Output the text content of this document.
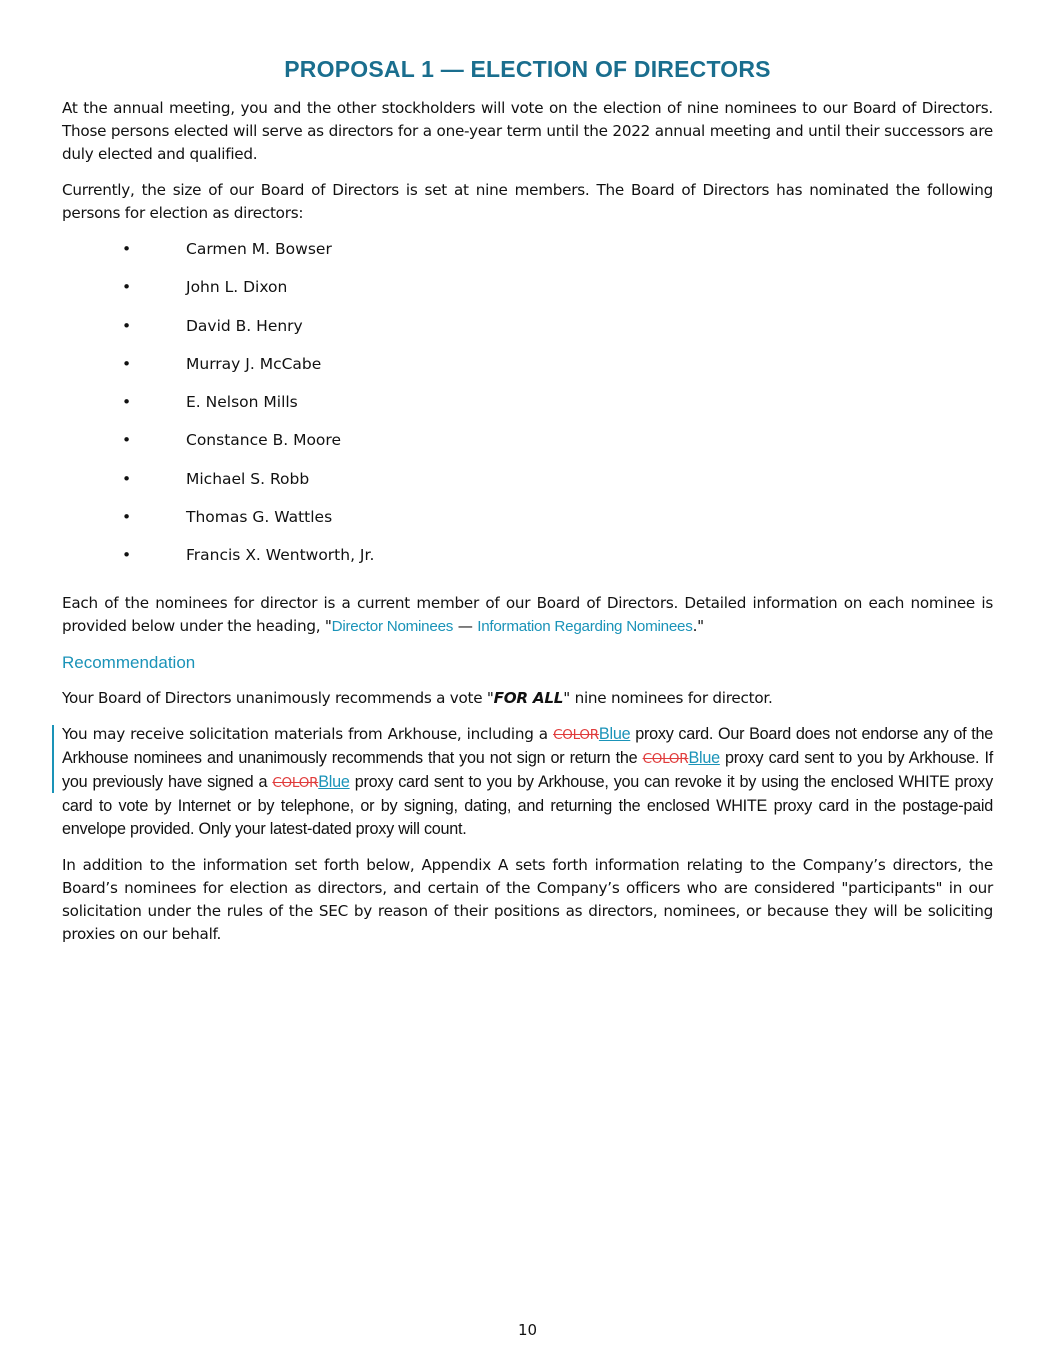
PROPOSAL 1 — ELECTION OF DIRECTORS

At the annual meeting, you and the other stockholders will vote on the election of nine nominees to our Board of Directors. Those persons elected will serve as directors for a one-year term until the 2022 annual meeting and until their successors are duly elected and qualified.

Currently, the size of our Board of Directors is set at nine members. The Board of Directors has nominated the following persons for election as directors:

•	Carmen M. Bowser
•	John L. Dixon
•	David B. Henry
•	Murray J. McCabe
•	E. Nelson Mills
•	Constance B. Moore
•	Michael S. Robb
•	Thomas G. Wattles
•	Francis X. Wentworth, Jr.

Each of the nominees for director is a current member of our Board of Directors. Detailed information on each nominee is provided below under the heading, "Director Nominees — Information Regarding Nominees."

Recommendation

Your Board of Directors unanimously recommends a vote "FOR ALL" nine nominees for director.

You may receive solicitation materials from Arkhouse, including a COLORBlue proxy card. Our Board does not endorse any of the Arkhouse nominees and unanimously recommends that you not sign or return the COLORBlue proxy card sent to you by Arkhouse. If you previously have signed a COLORBlue proxy card sent to you by Arkhouse, you can revoke it by using the enclosed WHITE proxy card to vote by Internet or by telephone, or by signing, dating, and returning the enclosed WHITE proxy card in the postage-paid envelope provided. Only your latest-dated proxy will count.

In addition to the information set forth below, Appendix A sets forth information relating to the Company’s directors, the Board’s nominees for election as directors, and certain of the Company’s officers who are considered "participants" in our solicitation under the rules of the SEC by reason of their positions as directors, nominees, or because they will be soliciting proxies on our behalf.

10
